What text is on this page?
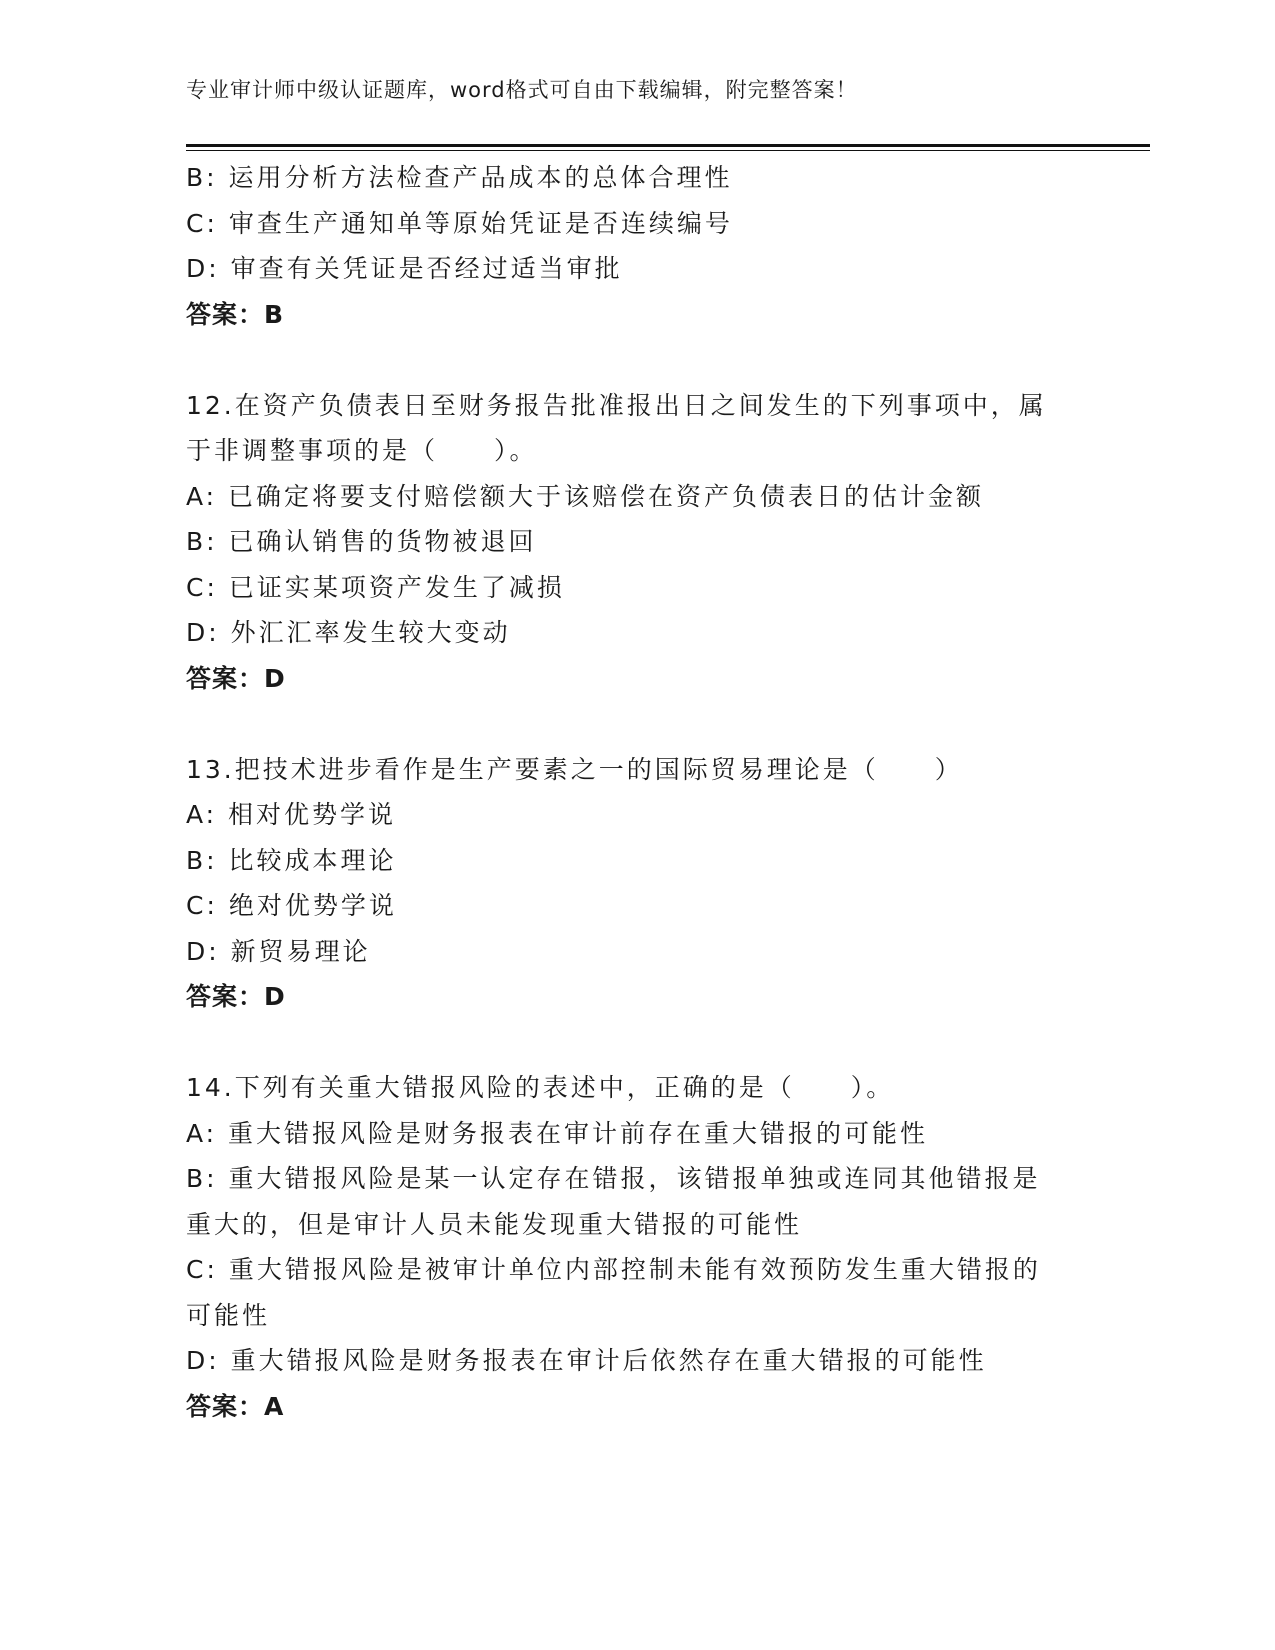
专业审计师中级认证题库，word格式可自由下载编辑，附完整答案！
B: 运用分析方法检查产品成本的总体合理性
C: 审查生产通知单等原始凭证是否连续编号
D: 审查有关凭证是否经过适当审批
答案：B
12.在资产负债表日至财务报告批准报出日之间发生的下列事项中，属
于非调整事项的是（　　）。
A: 已确定将要支付赔偿额大于该赔偿在资产负债表日的估计金额
B: 已确认销售的货物被退回
C: 已证实某项资产发生了减损
D: 外汇汇率发生较大变动
答案：D
13.把技术进步看作是生产要素之一的国际贸易理论是（　　）
A: 相对优势学说
B: 比较成本理论
C: 绝对优势学说
D: 新贸易理论
答案：D
14.下列有关重大错报风险的表述中，正确的是（　　）。
A: 重大错报风险是财务报表在审计前存在重大错报的可能性
B: 重大错报风险是某一认定存在错报，该错报单独或连同其他错报是
重大的，但是审计人员未能发现重大错报的可能性
C: 重大错报风险是被审计单位内部控制未能有效预防发生重大错报的
可能性
D: 重大错报风险是财务报表在审计后依然存在重大错报的可能性
答案：A
